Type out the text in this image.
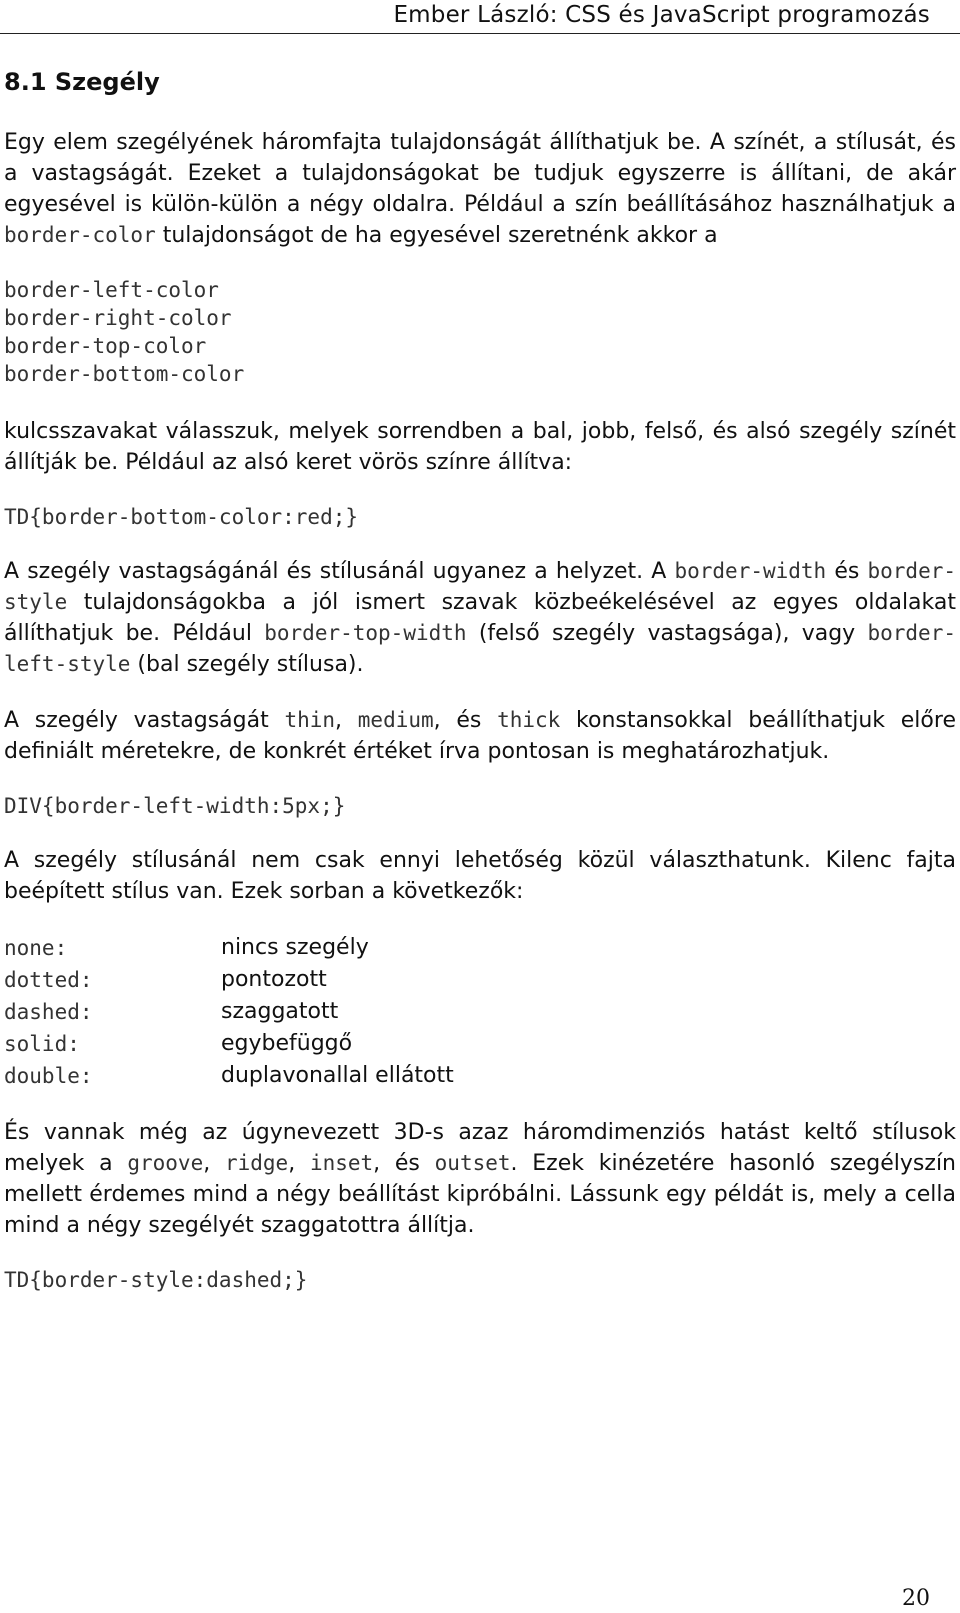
Ember László: CSS és JavaScript programozás
8.1 Szegély

Egy elem szegélyének háromfajta tulajdonságát állíthatjuk be. A színét, a stílusát, és a vastagságát. Ezeket a tulajdonságokat be tudjuk egyszerre is állítani, de akár egyesével is külön-külön a négy oldalra. Például a szín beállításához használhatjuk a border-color tulajdonságot de ha egyesével szeretnénk akkor a

border-left-color
border-right-color
border-top-color
border-bottom-color

kulcsszavakat válasszuk, melyek sorrendben a bal, jobb, felső, és alsó szegély színét állítják be. Például az alsó keret vörös színre állítva:

TD{border-bottom-color:red;}

A szegély vastagságánál és stílusánál ugyanez a helyzet. A border-width és border-style tulajdonságokba a jól ismert szavak közbeékelésével az egyes oldalakat állíthatjuk be. Például border-top-width (felső szegély vastagsága), vagy border-left-style (bal szegély stílusa).

A szegély vastagságát thin, medium, és thick konstansokkal beállíthatjuk előre definiált méretekre, de konkrét értéket írva pontosan is meghatározhatjuk.

DIV{border-left-width:5px;}

A szegély stílusánál nem csak ennyi lehetőség közül választhatunk. Kilenc fajta beépített stílus van. Ezek sorban a következők:

none:	nincs szegély
dotted:	pontozott
dashed:	szaggatott
solid:	egybefüggő
double:	duplavonallal ellátott

És vannak még az úgynevezett 3D-s azaz háromdimenziós hatást keltő stílusok melyek a groove, ridge, inset, és outset. Ezek kinézetére hasonló szegélyszín mellett érdemes mind a négy beállítást kipróbálni. Lássunk egy példát is, mely a cella mind a négy szegélyét szaggatottra állítja.

TD{border-style:dashed;}
20
